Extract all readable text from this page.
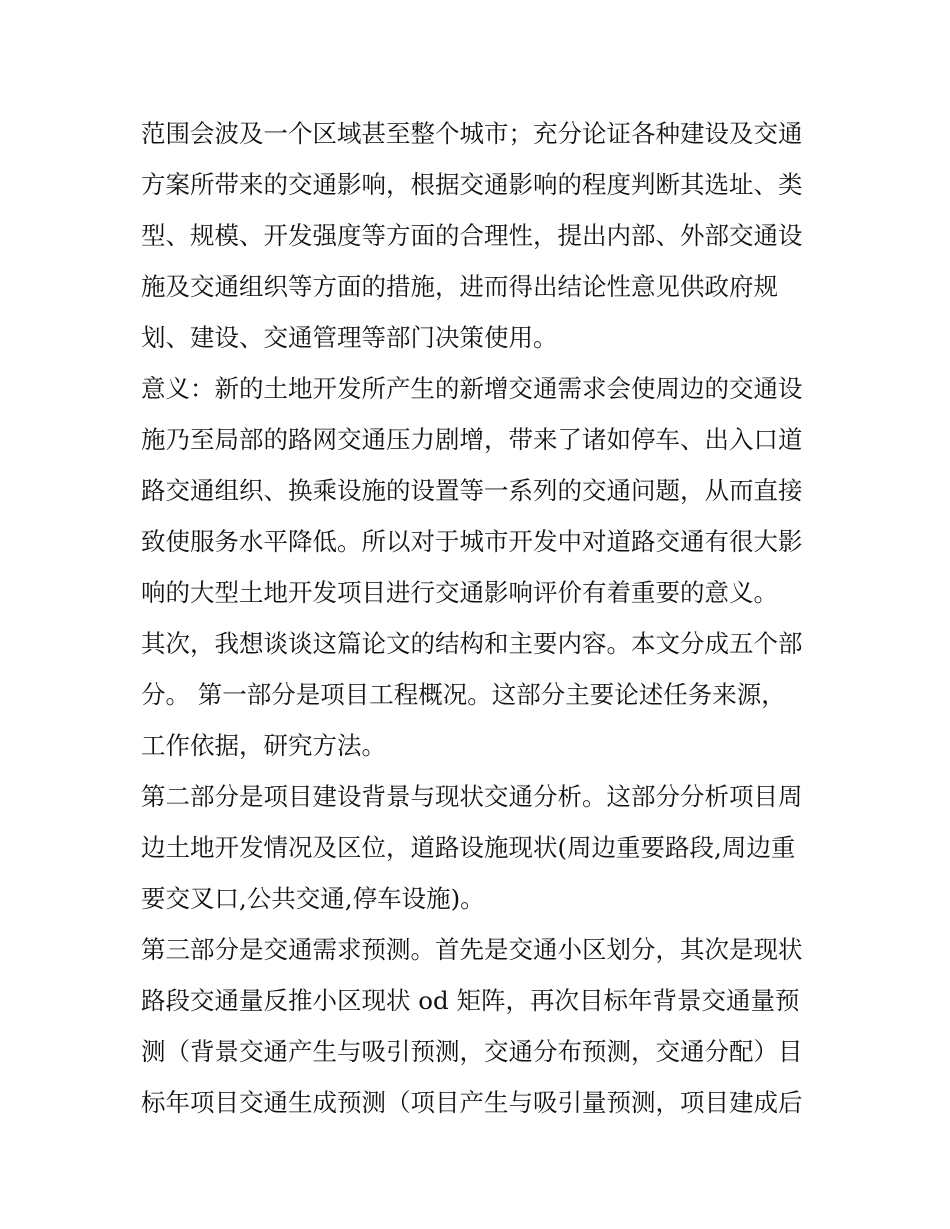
范围会波及一个区域甚至整个城市；充分论证各种建设及交通
方案所带来的交通影响，根据交通影响的程度判断其选址、类
型、规模、开发强度等方面的合理性，提出内部、外部交通设
施及交通组织等方面的措施，进而得出结论性意见供政府规
划、建设、交通管理等部门决策使用。
意义：新的土地开发所产生的新增交通需求会使周边的交通设
施乃至局部的路网交通压力剧增，带来了诸如停车、出入口道
路交通组织、换乘设施的设置等一系列的交通问题，从而直接
致使服务水平降低。所以对于城市开发中对道路交通有很大影
响的大型土地开发项目进行交通影响评价有着重要的意义。
其次，我想谈谈这篇论文的结构和主要内容。本文分成五个部
分。 第一部分是项目工程概况。这部分主要论述任务来源，
工作依据，研究方法。
第二部分是项目建设背景与现状交通分析。这部分分析项目周
边土地开发情况及区位，道路设施现状(周边重要路段,周边重
要交叉口,公共交通,停车设施)。
第三部分是交通需求预测。首先是交通小区划分，其次是现状
路段交通量反推小区现状 od 矩阵，再次目标年背景交通量预
测（背景交通产生与吸引预测，交通分布预测，交通分配）目
标年项目交通生成预测（项目产生与吸引量预测，项目建成后
